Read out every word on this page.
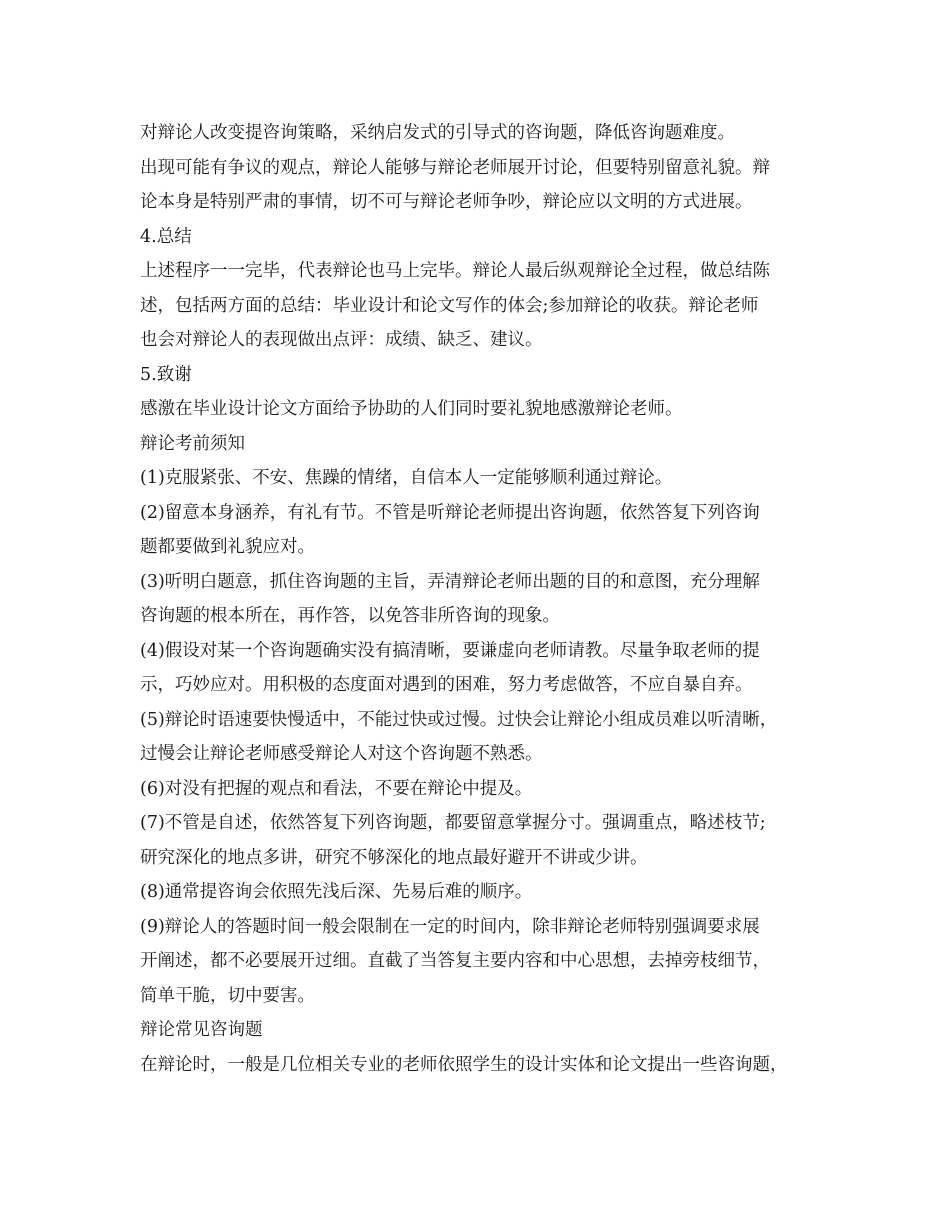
对辩论人改变提咨询策略，采纳启发式的引导式的咨询题，降低咨询题难度。
出现可能有争议的观点，辩论人能够与辩论老师展开讨论，但要特别留意礼貌。辩
论本身是特别严肃的事情，切不可与辩论老师争吵，辩论应以文明的方式进展。
4.总结
上述程序一一完毕，代表辩论也马上完毕。辩论人最后纵观辩论全过程，做总结陈
述，包括两方面的总结：毕业设计和论文写作的体会;参加辩论的收获。辩论老师
也会对辩论人的表现做出点评：成绩、缺乏、建议。
5.致谢
感激在毕业设计论文方面给予协助的人们同时要礼貌地感激辩论老师。
辩论考前须知
(1)克服紧张、不安、焦躁的情绪，自信本人一定能够顺利通过辩论。
(2)留意本身涵养，有礼有节。不管是听辩论老师提出咨询题，依然答复下列咨询
题都要做到礼貌应对。
(3)听明白题意，抓住咨询题的主旨，弄清辩论老师出题的目的和意图，充分理解
咨询题的根本所在，再作答，以免答非所咨询的现象。
(4)假设对某一个咨询题确实没有搞清晰，要谦虚向老师请教。尽量争取老师的提
示，巧妙应对。用积极的态度面对遇到的困难，努力考虑做答，不应自暴自弃。
(5)辩论时语速要快慢适中，不能过快或过慢。过快会让辩论小组成员难以听清晰，
过慢会让辩论老师感受辩论人对这个咨询题不熟悉。
(6)对没有把握的观点和看法，不要在辩论中提及。
(7)不管是自述，依然答复下列咨询题，都要留意掌握分寸。强调重点，略述枝节;
研究深化的地点多讲，研究不够深化的地点最好避开不讲或少讲。
(8)通常提咨询会依照先浅后深、先易后难的顺序。
(9)辩论人的答题时间一般会限制在一定的时间内，除非辩论老师特别强调要求展
开阐述，都不必要展开过细。直截了当答复主要内容和中心思想，去掉旁枝细节，
简单干脆，切中要害。
辩论常见咨询题
在辩论时，一般是几位相关专业的老师依照学生的设计实体和论文提出一些咨询题，
